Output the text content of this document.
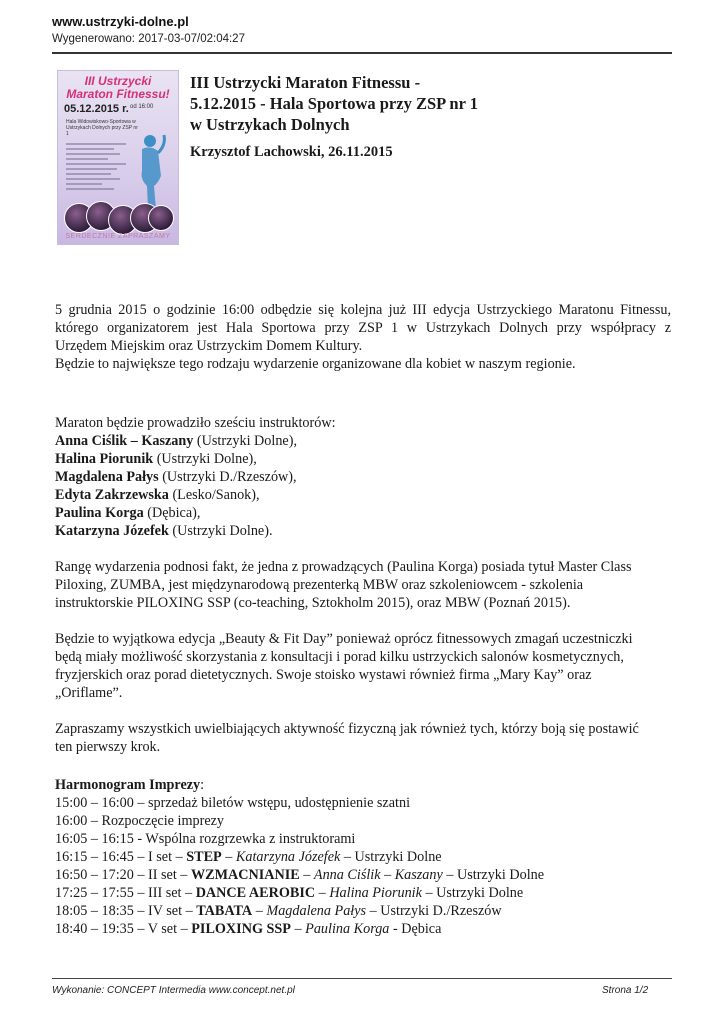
www.ustrzyki-dolne.pl
Wygenerowano: 2017-03-07/02:04:27
III Ustrzycki
Maraton Fitnessu!
05.12.2015 r. od 16:00
Hala Widowiskowo-Sportowa w Ustrzykach Dolnych przy ZSP nr 1
SERDECZNIE ZAPRASZAMY
III Ustrzycki Maraton Fitnessu -
5.12.2015 - Hala Sportowa przy ZSP nr 1
w Ustrzykach Dolnych
Krzysztof Lachowski, 26.11.2015
5 grudnia 2015 o godzinie 16:00 odbędzie się kolejna już III edycja Ustrzyckiego Maratonu Fitnessu,
którego organizatorem jest Hala Sportowa przy ZSP 1 w Ustrzykach Dolnych przy współpracy z
Urzędem Miejskim oraz Ustrzyckim Domem Kultury.
Będzie to największe tego rodzaju wydarzenie organizowane dla kobiet w naszym regionie.
Maraton będzie prowadziło sześciu instruktorów:
Anna Ciślik – Kaszany (Ustrzyki Dolne),
Halina Piorunik (Ustrzyki Dolne),
Magdalena Pałys (Ustrzyki D./Rzeszów),
Edyta Zakrzewska (Lesko/Sanok),
Paulina Korga (Dębica),
Katarzyna Józefek (Ustrzyki Dolne).
Rangę wydarzenia podnosi fakt, że jedna z prowadzących (Paulina Korga) posiada tytuł Master Class
Piloxing, ZUMBA, jest międzynarodową prezenterką MBW oraz szkoleniowcem - szkolenia
instruktorskie PILOXING SSP (co-teaching, Sztokholm 2015), oraz MBW (Poznań 2015).
Będzie to wyjątkowa edycja „Beauty & Fit Day” ponieważ oprócz fitnessowych zmagań uczestniczki
będą miały możliwość skorzystania z konsultacji i porad kilku ustrzyckich salonów kosmetycznych,
fryzjerskich oraz porad dietetycznych. Swoje stoisko wystawi również firma „Mary Kay” oraz
„Oriflame”.
Zapraszamy wszystkich uwielbiających aktywność fizyczną jak również tych, którzy boją się postawić
ten pierwszy krok.
Harmonogram Imprezy:
15:00 – 16:00 – sprzedaż biletów wstępu, udostępnienie szatni
16:00 – Rozpoczęcie imprezy
16:05 – 16:15 - Wspólna rozgrzewka z instruktorami
16:15 – 16:45 – I set – STEP – Katarzyna Józefek – Ustrzyki Dolne
16:50 – 17:20 – II set – WZMACNIANIE – Anna Ciślik – Kaszany – Ustrzyki Dolne
17:25 – 17:55 – III set – DANCE AEROBIC – Halina Piorunik – Ustrzyki Dolne
18:05 – 18:35 – IV set – TABATA – Magdalena Pałys – Ustrzyki D./Rzeszów
18:40 – 19:35 – V set – PILOXING SSP – Paulina Korga - Dębica
Wykonanie: CONCEPT Intermedia www.concept.net.pl	Strona 1/2
